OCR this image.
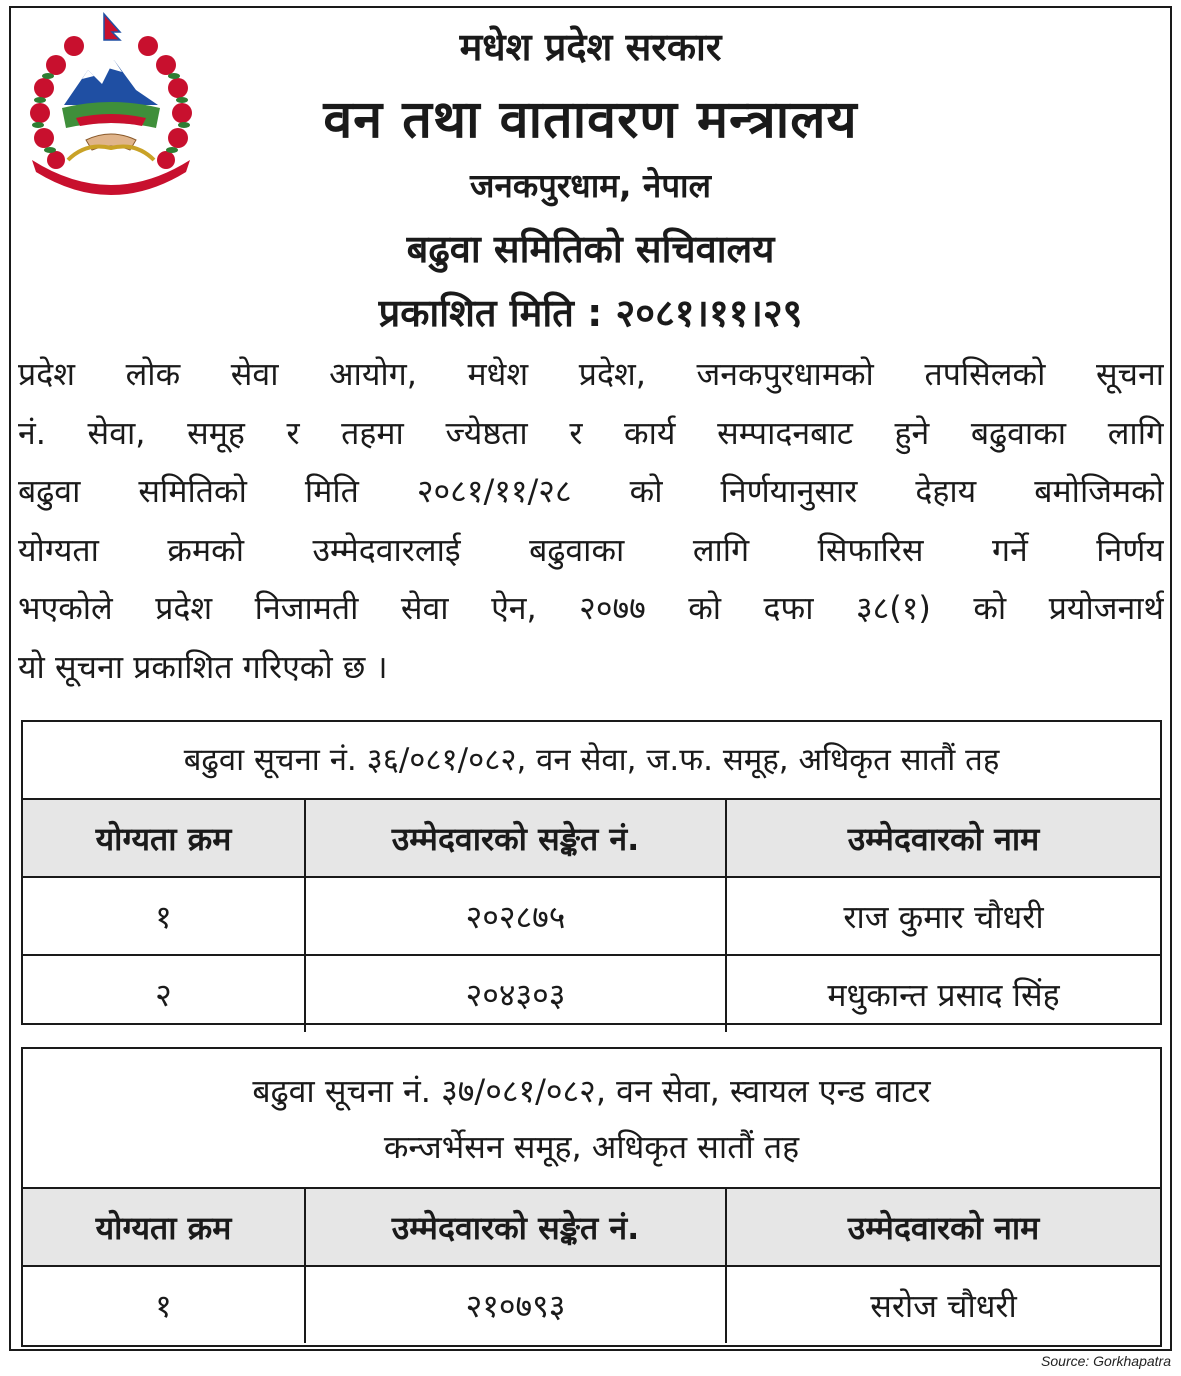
मधेश प्रदेश सरकार
वन तथा वातावरण मन्त्रालय
जनकपुरधाम, नेपाल
बढुवा समितिको सचिवालय
प्रकाशित मिति : २०८१।११।२९
प्रदेश लोक सेवा आयोग, मधेश प्रदेश, जनकपुरधामको तपसिलको सूचना
नं. सेवा, समूह र तहमा ज्येष्ठता र कार्य सम्पादनबाट हुने बढुवाका लागि
बढुवा समितिको मिति २०८१/११/२८ को निर्णयानुसार देहाय बमोजिमको
योग्यता क्रमको उम्मेदवारलाई बढुवाका लागि सिफारिस गर्ने निर्णय
भएकोले प्रदेश निजामती सेवा ऐन, २०७७ को दफा ३८(१) को प्रयोजनार्थ
यो सूचना प्रकाशित गरिएको छ ।
बढुवा सूचना नं. ३६/०८१/०८२, वन सेवा, ज.फ. समूह, अधिकृत सातौं तह
योग्यता क्रम	उम्मेदवारको सङ्केत नं.	उम्मेदवारको नाम
१	२०२८७५	राज कुमार चौधरी
२	२०४३०३	मधुकान्त प्रसाद सिंह
बढुवा सूचना नं. ३७/०८१/०८२, वन सेवा, स्वायल एन्ड वाटर
कन्जर्भेसन समूह, अधिकृत सातौं तह
योग्यता क्रम	उम्मेदवारको सङ्केत नं.	उम्मेदवारको नाम
१	२१०७९३	सरोज चौधरी
Source: Gorkhapatra
